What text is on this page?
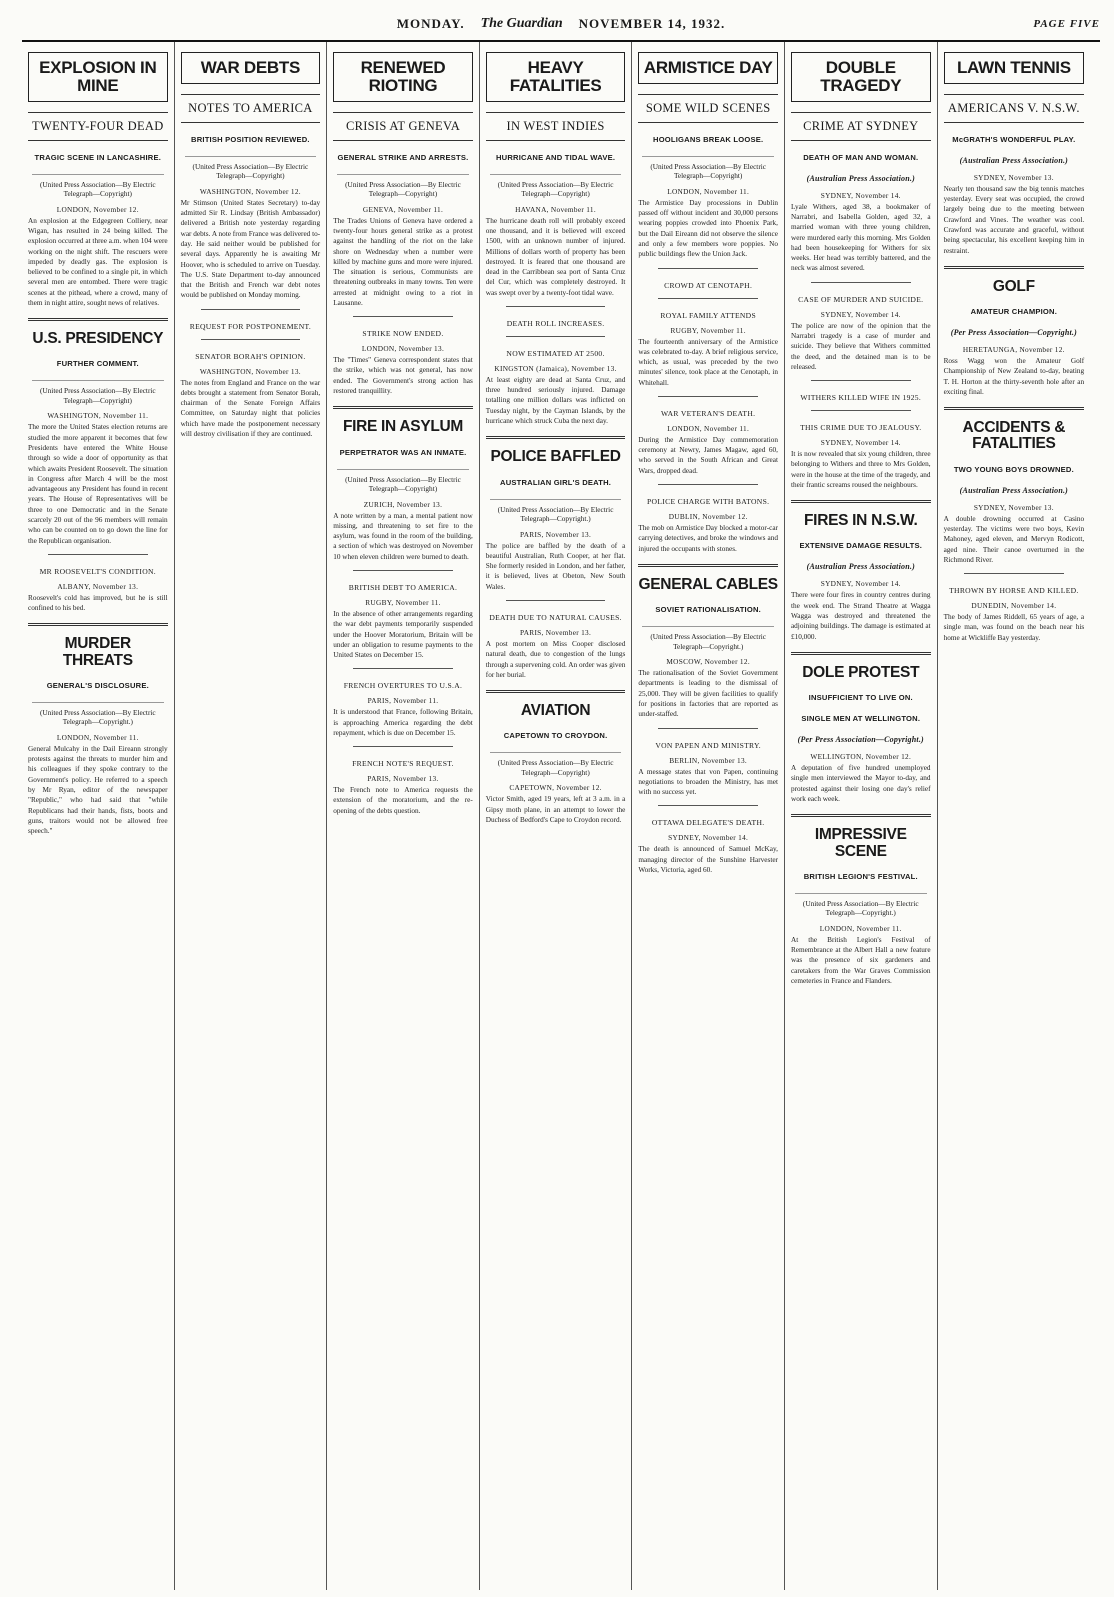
MONDAY. The Guardian NOVEMBER 14, 1932.	PAGE FIVE
EXPLOSION IN MINE
TWENTY-FOUR DEAD
TRAGIC SCENE IN LANCASHIRE.
(United Press Association—By Electric Telegraph—Copyright)
LONDON, November 12.

An explosion at the Edgegreen Colliery, near Wigan, has resulted in 24 being killed. The explosion occurred at three a.m. when 104 were working on the night shift. The rescuers were impeded by deadly gas. The explosion is believed to be confined to a single pit, in which several men are entombed. There were tragic scenes at the pithead, where a crowd, many of them in night attire, sought news of relatives.

U.S. PRESIDENCY
FURTHER COMMENT.
(United Press Association—By Electric Telegraph—Copyright)
WASHINGTON, November 11.

The more the United States election returns are studied the more apparent it becomes that few Presidents have entered the White House through so wide a door of opportunity as that which awaits President Roosevelt. The situation in Congress after March 4 will be the most advantageous any President has found in recent years. The House of Representatives will be three to one Democratic and in the Senate scarcely 20 out of the 96 members will remain who can be counted on to go down the line for the Republican organisation.

MR ROOSEVELT'S CONDITION.
ALBANY, November 13.

Roosevelt's cold has improved, but he is still confined to his bed.

MURDER THREATS
GENERAL'S DISCLOSURE.
(United Press Association—By Electric Telegraph—Copyright.)
LONDON, November 11.

General Mulcahy in the Dail Eireann strongly protests against the threats to murder him and his colleagues if they spoke contrary to the Government's policy. He referred to a speech by Mr Ryan, editor of the newspaper "Republic," who had said that "while Republicans had their hands, fists, boots and guns, traitors would not be allowed free speech."

WAR DEBTS
NOTES TO AMERICA
BRITISH POSITION REVIEWED.
(United Press Association—By Electric Telegraph—Copyright)
WASHINGTON, November 12.

Mr Stimson (United States Secretary) to-day admitted Sir R. Lindsay (British Ambassador) delivered a British note yesterday regarding war debts. A note from France was delivered to-day. He said neither would be published for several days. Apparently he is awaiting Mr Hoover, who is scheduled to arrive on Tuesday. The U.S. State Department to-day announced that the British and French war debt notes would be published on Monday morning.

REQUEST FOR POSTPONEMENT.
SENATOR BORAH'S OPINION.
WASHINGTON, November 13.

The notes from England and France on the war debts brought a statement from Senator Borah, chairman of the Senate Foreign Affairs Committee, on Saturday night that policies which have made the postponement necessary will destroy civilisation if they are continued.

RENEWED RIOTING
CRISIS AT GENEVA
GENERAL STRIKE AND ARRESTS.
(United Press Association—By Electric Telegraph—Copyright)
GENEVA, November 11.

The Trades Unions of Geneva have ordered a twenty-four hours general strike as a protest against the handling of the riot on the lake shore on Wednesday when a number were killed by machine guns and more were injured. The situation is serious, Communists are threatening outbreaks in many towns. Ten were arrested at midnight owing to a riot in Lausanne.

STRIKE NOW ENDED.
LONDON, November 13.

The "Times" Geneva correspondent states that the strike, which was not general, has now ended. The Government's strong action has restored tranquillity.

FIRE IN ASYLUM
PERPETRATOR WAS AN INMATE.
(United Press Association—By Electric Telegraph—Copyright)
ZURICH, November 13.

A note written by a man, a mental patient now missing, and threatening to set fire to the asylum, was found in the room of the building, a section of which was destroyed on November 10 when eleven children were burned to death.

BRITISH DEBT TO AMERICA.
RUGBY, November 11.

In the absence of other arrangements regarding the war debt payments temporarily suspended under the Hoover Moratorium, Britain will be under an obligation to resume payments to the United States on December 15.

FRENCH OVERTURES TO U.S.A.
PARIS, November 11.

It is understood that France, following Britain, is approaching America regarding the debt repayment, which is due on December 15.

FRENCH NOTE'S REQUEST.
PARIS, November 13.

The French note to America requests the extension of the moratorium, and the re-opening of the debts question.

HEAVY FATALITIES
IN WEST INDIES
HURRICANE AND TIDAL WAVE.
(United Press Association—By Electric Telegraph—Copyright)
HAVANA, November 11.

The hurricane death roll will probably exceed one thousand, and it is believed will exceed 1500, with an unknown number of injured. Millions of dollars worth of property has been destroyed. It is feared that one thousand are dead in the Carribbean sea port of Santa Cruz del Cur, which was completely destroyed. It was swept over by a twenty-foot tidal wave.

DEATH ROLL INCREASES.
NOW ESTIMATED AT 2500.
KINGSTON (Jamaica), November 13.

At least eighty are dead at Santa Cruz, and three hundred seriously injured. Damage totalling one million dollars was inflicted on Tuesday night, by the Cayman Islands, by the hurricane which struck Cuba the next day.

POLICE BAFFLED
AUSTRALIAN GIRL'S DEATH.
(United Press Association—By Electric Telegraph—Copyright.)
PARIS, November 13.

The police are baffled by the death of a beautiful Australian, Ruth Cooper, at her flat. She formerly resided in London, and her father, it is believed, lives at Obeton, New South Wales.

DEATH DUE TO NATURAL CAUSES.
PARIS, November 13.

A post mortem on Miss Cooper disclosed natural death, due to congestion of the lungs through a supervening cold. An order was given for her burial.

AVIATION
CAPETOWN TO CROYDON.
(United Press Association—By Electric Telegraph—Copyright)
CAPETOWN, November 12.

Victor Smith, aged 19 years, left at 3 a.m. in a Gipsy moth plane, in an attempt to lower the Duchess of Bedford's Cape to Croydon record.

ARMISTICE DAY
SOME WILD SCENES
HOOLIGANS BREAK LOOSE.
(United Press Association—By Electric Telegraph—Copyright)
LONDON, November 11.

The Armistice Day processions in Dublin passed off without incident and 30,000 persons wearing poppies crowded into Phoenix Park, but the Dail Eireann did not observe the silence and only a few members wore poppies. No public buildings flew the Union Jack.

CROWD AT CENOTAPH.
ROYAL FAMILY ATTENDS
RUGBY, November 11.

The fourteenth anniversary of the Armistice was celebrated to-day. A brief religious service, which, as usual, was preceded by the two minutes' silence, took place at the Cenotaph, in Whitehall.

WAR VETERAN'S DEATH.
LONDON, November 11.

During the Armistice Day commemoration ceremony at Newry, James Magaw, aged 60, who served in the South African and Great Wars, dropped dead.

POLICE CHARGE WITH BATONS.
DUBLIN, November 12.

The mob on Armistice Day blocked a motor-car carrying detectives, and broke the windows and injured the occupants with stones.

GENERAL CABLES
SOVIET RATIONALISATION.
(United Press Association—By Electric Telegraph—Copyright.)
MOSCOW, November 12.

The rationalisation of the Soviet Government departments is leading to the dismissal of 25,000. They will be given facilities to qualify for positions in factories that are reported as under-staffed.

VON PAPEN AND MINISTRY.
BERLIN, November 13.

A message states that von Papen, continuing negotiations to broaden the Ministry, has met with no success yet.

OTTAWA DELEGATE'S DEATH.
SYDNEY, November 14.

The death is announced of Samuel McKay, managing director of the Sunshine Harvester Works, Victoria, aged 60.

DOUBLE TRAGEDY
CRIME AT SYDNEY
DEATH OF MAN AND WOMAN.
(Australian Press Association.)
SYDNEY, November 14.

Lyale Withers, aged 38, a bookmaker of Narrabri, and Isabella Golden, aged 32, a married woman with three young children, were murdered early this morning. Mrs Golden had been housekeeping for Withers for six weeks. Her head was terribly battered, and the neck was almost severed.

CASE OF MURDER AND SUICIDE.
SYDNEY, November 14.

The police are now of the opinion that the Narrabri tragedy is a case of murder and suicide. They believe that Withers committed the deed, and the detained man is to be released.

WITHERS KILLED WIFE IN 1925.
THIS CRIME DUE TO JEALOUSY.
SYDNEY, November 14.

It is now revealed that six young children, three belonging to Withers and three to Mrs Golden, were in the house at the time of the tragedy, and their frantic screams roused the neighbours.

FIRES IN N.S.W.
EXTENSIVE DAMAGE RESULTS.
(Australian Press Association.)
SYDNEY, November 14.

There were four fires in country centres during the week end. The Strand Theatre at Wagga Wagga was destroyed and threatened the adjoining buildings. The damage is estimated at £10,000.

DOLE PROTEST
INSUFFICIENT TO LIVE ON.
SINGLE MEN AT WELLINGTON.
(Per Press Association—Copyright.)
WELLINGTON, November 12.

A deputation of five hundred unemployed single men interviewed the Mayor to-day, and protested against their losing one day's relief work each week.

IMPRESSIVE SCENE
BRITISH LEGION'S FESTIVAL.
(United Press Association—By Electric Telegraph—Copyright.)
LONDON, November 11.

At the British Legion's Festival of Remembrance at the Albert Hall a new feature was the presence of six gardeners and caretakers from the War Graves Commission cemeteries in France and Flanders.

LAWN TENNIS
AMERICANS V. N.S.W.
McGRATH'S WONDERFUL PLAY.
(Australian Press Association.)
SYDNEY, November 13.

Nearly ten thousand saw the big tennis matches yesterday. Every seat was occupied, the crowd largely being due to the meeting between Crawford and Vines. The weather was cool. Crawford was accurate and graceful, without being spectacular, his excellent keeping him in restraint.

GOLF
AMATEUR CHAMPION.
(Per Press Association—Copyright.)
HERETAUNGA, November 12.

Ross Wagg won the Amateur Golf Championship of New Zealand to-day, beating T. H. Horton at the thirty-seventh hole after an exciting final.

ACCIDENTS & FATALITIES
TWO YOUNG BOYS DROWNED.
(Australian Press Association.)
SYDNEY, November 13.

A double drowning occurred at Casino yesterday. The victims were two boys, Kevin Mahoney, aged eleven, and Mervyn Rodicott, aged nine. Their canoe overturned in the Richmond River.

THROWN BY HORSE AND KILLED.
DUNEDIN, November 14.

The body of James Riddell, 65 years of age, a single man, was found on the beach near his home at Wickliffe Bay yesterday.
